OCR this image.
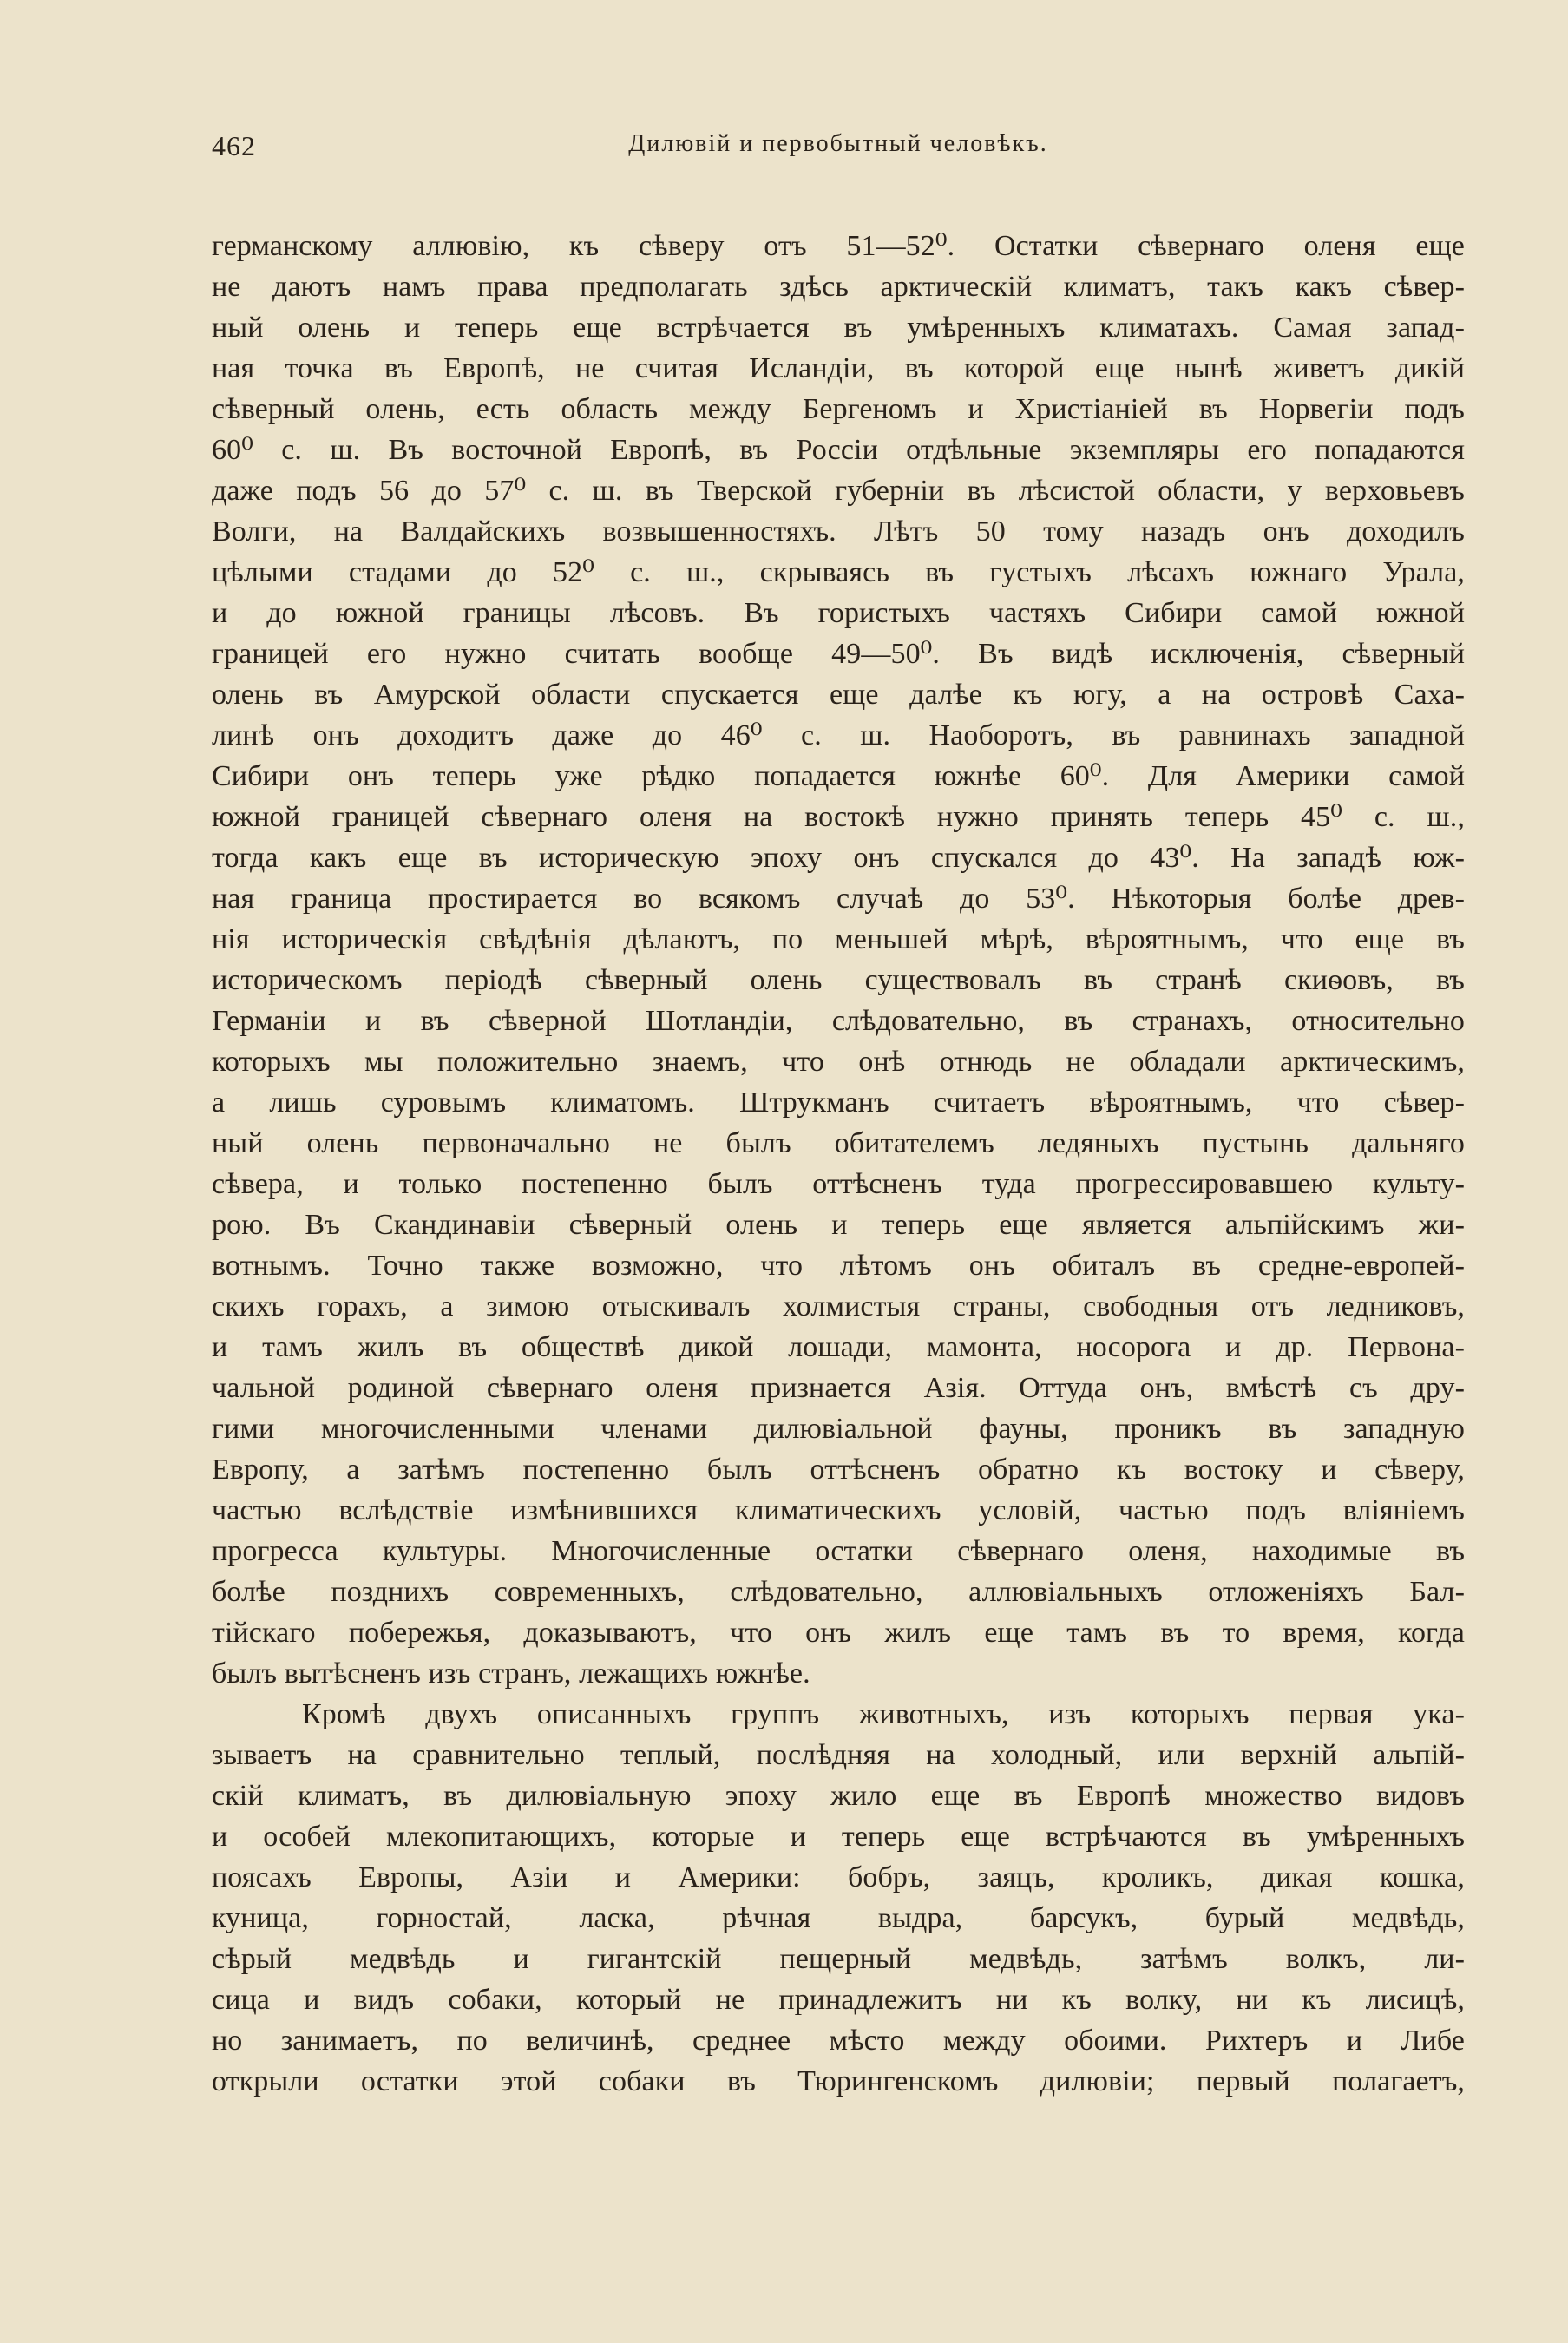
462	Дилювій и первобытный человѣкъ.
германскому аллювію, къ сѣверу отъ 51—52⁰. Остатки сѣвернаго оленя еще
не даютъ намъ права предполагать здѣсь арктическій климатъ, такъ какъ сѣвер-
ный олень и теперь еще встрѣчается въ умѣренныхъ климатахъ. Самая запад-
ная точка въ Европѣ, не считая Исландіи, въ которой еще нынѣ живетъ дикій
сѣверный олень, есть область между Бергеномъ и Христіаніей въ Норвегіи подъ
60⁰ с. ш. Въ восточной Европѣ, въ Россіи отдѣльные экземпляры его попадаются
даже подъ 56 до 57⁰ с. ш. въ Тверской губерніи въ лѣсистой области, у верховьевъ
Волги, на Валдайскихъ возвышенностяхъ. Лѣтъ 50 тому назадъ онъ доходилъ
цѣлыми стадами до 52⁰ с. ш., скрываясь въ густыхъ лѣсахъ южнаго Урала,
и до южной границы лѣсовъ. Въ гористыхъ частяхъ Сибири самой южной
границей его нужно считать вообще 49—50⁰. Въ видѣ исключенія, сѣверный
олень въ Амурской области спускается еще далѣе къ югу, а на островѣ Саха-
линѣ онъ доходитъ даже до 46⁰ с. ш. Наоборотъ, въ равнинахъ западной
Сибири онъ теперь уже рѣдко попадается южнѣе 60⁰. Для Америки самой
южной границей сѣвернаго оленя на востокѣ нужно принять теперь 45⁰ с. ш.,
тогда какъ еще въ историческую эпоху онъ спускался до 43⁰. На западѣ юж-
ная граница простирается во всякомъ случаѣ до 53⁰. Нѣкоторыя болѣе древ-
нія историческія свѣдѣнія дѣлаютъ, по меньшей мѣрѣ, вѣроятнымъ, что еще въ
историческомъ періодѣ сѣверный олень существовалъ въ странѣ скиѳовъ, въ
Германіи и въ сѣверной Шотландіи, слѣдовательно, въ странахъ, относительно
которыхъ мы положительно знаемъ, что онѣ отнюдь не обладали арктическимъ,
а лишь суровымъ климатомъ. Штрукманъ считаетъ вѣроятнымъ, что сѣвер-
ный олень первоначально не былъ обитателемъ ледяныхъ пустынь дальняго
сѣвера, и только постепенно былъ оттѣсненъ туда прогрессировавшею культу-
рою. Въ Скандинавіи сѣверный олень и теперь еще является альпійскимъ жи-
вотнымъ. Точно также возможно, что лѣтомъ онъ обиталъ въ средне-европей-
скихъ горахъ, а зимою отыскивалъ холмистыя страны, свободныя отъ ледниковъ,
и тамъ жилъ въ обществѣ дикой лошади, мамонта, носорога и др. Первона-
чальной родиной сѣвернаго оленя признается Азія. Оттуда онъ, вмѣстѣ съ дру-
гими многочисленными членами дилювіальной фауны, проникъ въ западную
Европу, а затѣмъ постепенно былъ оттѣсненъ обратно къ востоку и сѣверу,
частью вслѣдствіе измѣнившихся климатическихъ условій, частью подъ вліяніемъ
прогресса культуры. Многочисленные остатки сѣвернаго оленя, находимые въ
болѣе позднихъ современныхъ, слѣдовательно, аллювіальныхъ отложеніяхъ Бал-
тійскаго побережья, доказываютъ, что онъ жилъ еще тамъ въ то время, когда
былъ вытѣсненъ изъ странъ, лежащихъ южнѣе.
Кромѣ двухъ описанныхъ группъ животныхъ, изъ которыхъ первая ука-
зываетъ на сравнительно теплый, послѣдняя на холодный, или верхній альпій-
скій климатъ, въ дилювіальную эпоху жило еще въ Европѣ множество видовъ
и особей млекопитающихъ, которые и теперь еще встрѣчаются въ умѣренныхъ
поясахъ Европы, Азіи и Америки: бобръ, заяцъ, кроликъ, дикая кошка,
куница, горностай, ласка, рѣчная выдра, барсукъ, бурый медвѣдь,
сѣрый медвѣдь и гигантскій пещерный медвѣдь, затѣмъ волкъ, ли-
сица и видъ собаки, который не принадлежитъ ни къ волку, ни къ лисицѣ,
но занимаетъ, по величинѣ, среднее мѣсто между обоими. Рихтеръ и Либе
открыли остатки этой собаки въ Тюрингенскомъ дилювіи; первый полагаетъ,
